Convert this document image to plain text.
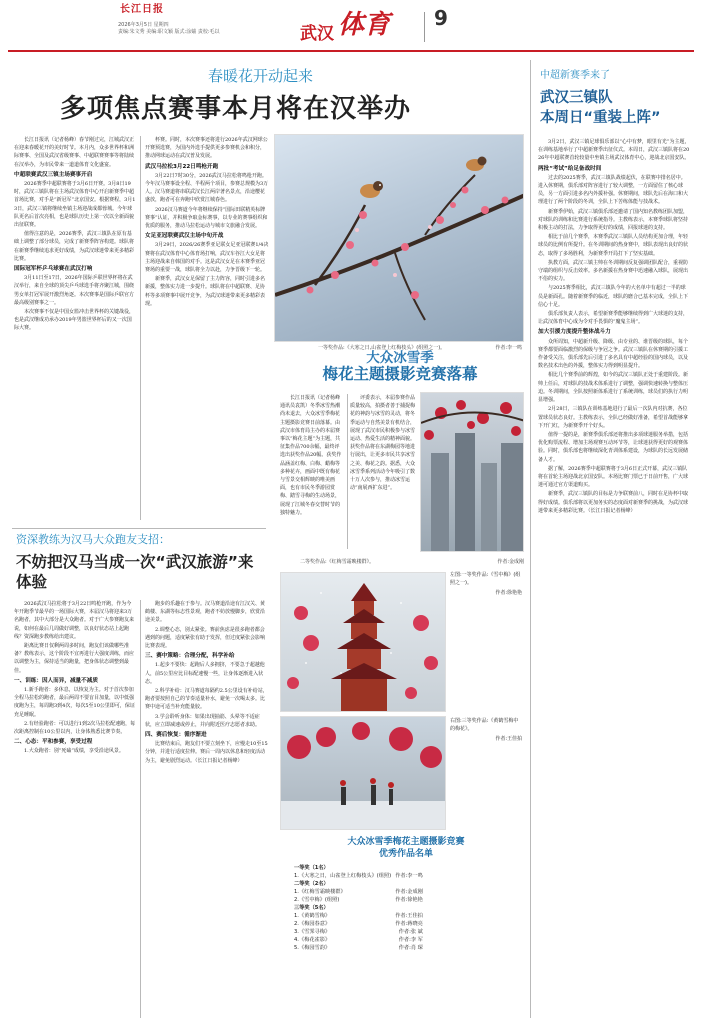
长江日报
2026年3月5日 星期四
责编:朱文秀 美编:职文颖 版式:涂嫱 责校:毛以	武汉 体育 9
春暖花开动起来
多项焦点赛事本月将在汉举办

长江日报讯（记者杨峰）春节刚过完，江城武汉正在迎来春暖花开的美好时节。本月内，众多世界杯和洲际赛事、全国及武汉省级赛事、中超联赛赛事等将陆续在汉举办，为市民带来一道道体育文化盛宴。

中超联赛武汉三镇主场赛事开启

2026赛季中超联赛将于3月6日开赛。3月8日19时，武汉三镇队将在主场武汉体育中心开启新赛季中超首场比赛，对手是“新冠军”北京国安。根据赛程，3月13日，武汉三镇将继续坐镇主场迎战成都蓉城。今年球队更名后首次亮相，也是球队历史上第一次以全新面貌出征联赛。

值得注意的是，2026赛季，武汉三镇队在原有基础上调整了部分球员，完成了新赛季阵容构建。球队将在新赛季继续追求更好成绩，为武汉球迷带来更多精彩比赛。

国际冠军杯乒乓球赛在武汉打响

3月11日至17日，2026年国际乒联世界杯将在武汉举行，来自全球的顶尖乒乓球选手将齐聚江城，围绕男女单打冠军展开激烈角逐。本次赛事是国际乒联官方最高级别赛事之一。

本次赛事不仅是中国女篮冲击世界杯的关键战役，也是武汉继成功承办2019年男篮世界杯后的又一次国际大赛。

杯赛。同时，本次赛事还将进行2026年武汉网球公开赛预选赛，为国内外选手提供更多参赛机会和积分，推动网球运动在武汉普及发展。

武汉马拉松3月22日鸣枪开跑

3月22日7时30分，2026武汉马拉松将鸣枪开跑。今年汉马赛事设全程、半程两个项目，参赛总规模为3万人。汉马赛道将串联武汉长江两岸著名景点，沿途樱花盛放，跑者可在奔跑中欣赏江城春色。

2026汉马赛道今年将继续保持“国际田联精英标牌赛事”认证，并积极争取金标赛事，以专业的赛事组织和优质的服务，推动马拉松运动与城市文旅融合发展。

女足亚冠联赛武汉主场中旬开战

3月29日，2026/26赛季亚足联女足亚冠联赛1/4决赛将在武汉体育中心体育场打响，武汉车谷江大女足将主场迎战来自韩国的对手。这是武汉女足在本赛季亚冠赛场的重要一战，球队将全力以赴，力争晋级下一轮。

新赛季，武汉女足保留了主力阵容，同时引进多名新援，整体实力进一步提升。球队将在中超联赛、足协杯等多项赛事中展开竞争，为武汉球迷带来更多精彩表现。

一等奖作品:《大寒之日,山雀登上红梅枝头》(组照之一)。	作者:李一鸣
资深教练为汉马大众跑友支招：
不妨把汉马当成一次“武汉旅游”来体验

2026武汉马拉松将于3月22日鸣枪开跑，作为今年开跑季节最早的一场国际大赛，本届汉马将迎来3万名跑者，其中大部分是大众跑者。对于广大参赛跑友来说，如何在最后几周做好调整，以良好状态站上起跑线？资深跑步教练给出建议。

距离比赛日仅剩两周多时间，跑友们该做哪些准备？教练表示，这个阶段不宜再进行大强度训练，而应以调整为主，保持适当的跑量，把身体状态调整到最佳。

一、训练：因人而异，减量不减质

1.新手跑者：多休息，以恢复为主。对于首次参加全程马拉松的跑者，最后两周不要盲目加量，以中低强度跑为主，每周跑3到4次，每次5至10公里即可，保证充足睡眠。

2.有经验跑者：可以进行1到2次马拉松配速跑，每次距离控制在10公里以内，让身体熟悉比赛节奏。

二、心态：平和参赛，享受过程

1.大众跑者：别“死磕”成绩，享受沿途风景。

跑步的乐趣在于参与。汉马赛道沿途有江汉关、黄鹤楼、东湖等标志性景观，跑者不妨放慢脚步，欣赏沿途美景。

2.调整心态，别太紧张。赛前焦虑是很多跑者都会遇到的问题，适度紧张有助于发挥，但过度紧张会影响比赛表现。

三、赛中策略：合理分配，科学补给

1.起步不要快：起跑后人多拥挤，不要急于超越他人，前5公里应比目标配速慢一些，让身体逐渐进入状态。

2.科学补给：汉马赛道每隔约2.5公里设有补给站，跑者要按照自己的节奏适量补水，避免一次喝太多。比赛中途可适当补充能量胶。

3.学会聆听身体：如果出现抽筋、头晕等不适症状，应立即减速或停止，并向附近医疗志愿者求助。

四、赛后恢复：循序渐进

比赛结束后，跑友们不要立刻坐下，应慢走10至15分钟，并进行适度拉伸。赛后一周内以休息和轻度活动为主，避免剧烈运动。（长江日报记者杨峰）

大众冰雪季
梅花主题摄影竞赛落幕

长江日报讯（记者杨峰 通讯员袁凯）冬季冰雪热潮尚未退去，大众冰雪季梅花主题摄影竞赛日前落幕。由武汉市体育局主办的本届赛事以“梅花主题”为主题，共征集作品700余幅，最终评选出获奖作品20幅。获奖作品涵盖红梅、白梅、蜡梅等多种花卉，画面中既有梅花与雪景交相辉映的唯美画面，也有市民冬季游园赏梅、踏雪寻梅的生动场景，展现了江城冬春交替时节的独特魅力。

评委表示，本届参赛作品质量较高，拍摄者善于捕捉梅花的神韵与冰雪的灵动，将冬季运动与自然美景有机结合，展现了武汉市民积极参与冰雪运动、热爱生活的精神面貌。获奖作品将在东湖梅园等地进行展出，让更多市民共享冰雪之美、梅花之韵。据悉，大众冰雪季系列活动今年吸引了数十万人次参与，推动冰雪运动“南展西扩东进”。

二等奖作品:《红梅雪霜映楼群》。	作者:金成刚
左图:一等奖作品:《雪中梅》(组照之一)。
作者:徐艳艳
右图:三等奖作品:《黄鹤雪梅中的梅花》。
作者:王佳拍
大众冰雪季梅花主题摄影竞赛
优秀作品名单
一等奖（1名）	
1.《大寒之日，山雀登上红梅枝头》(组照)	作者:李一鸣
二等奖（2名）	
1.《红梅雪霜映楼群》	作者:金成刚
2.《雪中梅》(组照)	作者:徐艳艳
三等奖（5名）	
1.《黄鹤雪梅》	作者:王佳拍
2.《梅园春意》	作者:蒋晓亮
3.《雪霁寻梅》	作者:张 斌
4.《梅花雀影》	作者:李 军
5.《梅园雪韵》	作者:肖 琛
中超新赛季来了
武汉三镇队
本周日“重装上阵”

3月2日，武汉三镇足球俱乐部以“心中有梦，眼里有光”为主题，在训练基地举行了中超新赛季出征仪式。本周日，武汉三镇队将在2026年中超联赛首轮较量中坐镇主场武汉体育中心，迎战北京国安队。

两批“考试”给足备战时间

过去的2025赛季，武汉三镇队战绩起伏，在联赛中排名居中。进入休赛期，俱乐部对阵容进行了较大调整，一方面留住了核心球员，另一方面引进多名内外援补强。休赛期间，球队先后在海口和大理进行了两个阶段的冬训，全队上下苦练体能与技战术。

新赛季伊始，武汉三镇俱乐部还邀请了国内知名教练团队加盟，对球队的训练和比赛进行系统指导。主教练表示，本赛季球队将坚持积极主动的打法，力争取得更好的成绩，回报球迷的支持。

相比于前几个赛季，本赛季武汉三镇队人员结构更加合理，年轻球员的比例有所提升。在冬训期间的热身赛中，球队表现出良好的状态，取得了多场胜利，为新赛季开局打下了坚实基础。

执教方面，武汉三镇主帅在冬训期间反复强调团队配合，重视防守端的组织与反击效率。多名新援在热身赛中迅速融入球队，展现出不俗的实力。

与2025赛季相比，武汉三镇队今年的大名单中有超过一半的球员是新面孔。随着新赛季的临近，球队的磨合已基本完成，全队上下信心十足。

俱乐部负责人表示，希望新赛季能够继续得到广大球迷的支持，让武汉体育中心成为令对手畏惧的“魔鬼主场”。

加大引援力度提升整体战斗力

众所周知，中超新升级、降级、由专业的、谁晋级的球队，每个赛季都要面临激烈的保级与争冠之争。武汉三镇队在休赛期的引援工作备受关注，俱乐部先后引进了多名具有中超经验的国内球员，以及数名技术出色的外援，整体实力得到明显提升。

相比几个赛季前的辉煌，如今的武汉三镇队正处于重建阶段。新帅上任后，对球队的技战术体系进行了调整，强调快速转换与整体压迫。冬训期间，全队按照新体系进行了系统训练，球员们的执行力明显增强。

2月28日，三镇队在训练基地进行了最后一次队内对抗赛，各位置球员状态良好。主教练表示，全队已经做好准备，希望首战能够拿下开门红，为新赛季开个好头。

值得一提的是，新赛季俱乐部还将推出多项球迷服务举措，包括优化购票流程、增加主场观赛互动环节等，让球迷获得更好的观赛体验。同时，俱乐部也将继续深化青训体系建设，为球队的长远发展储备人才。

据了解，2026赛季中超联赛将于3月6日正式开幕，武汉三镇队将在首轮主场迎战北京国安队。本场比赛门票已于日前开售，广大球迷可通过官方渠道购买。

新赛季，武汉三镇队的目标是力争联赛前八，同时在足协杯中取得好成绩。俱乐部将以更加务实的态度面对新赛季的挑战，为武汉球迷带来更多精彩比赛。（长江日报记者杨峰）
